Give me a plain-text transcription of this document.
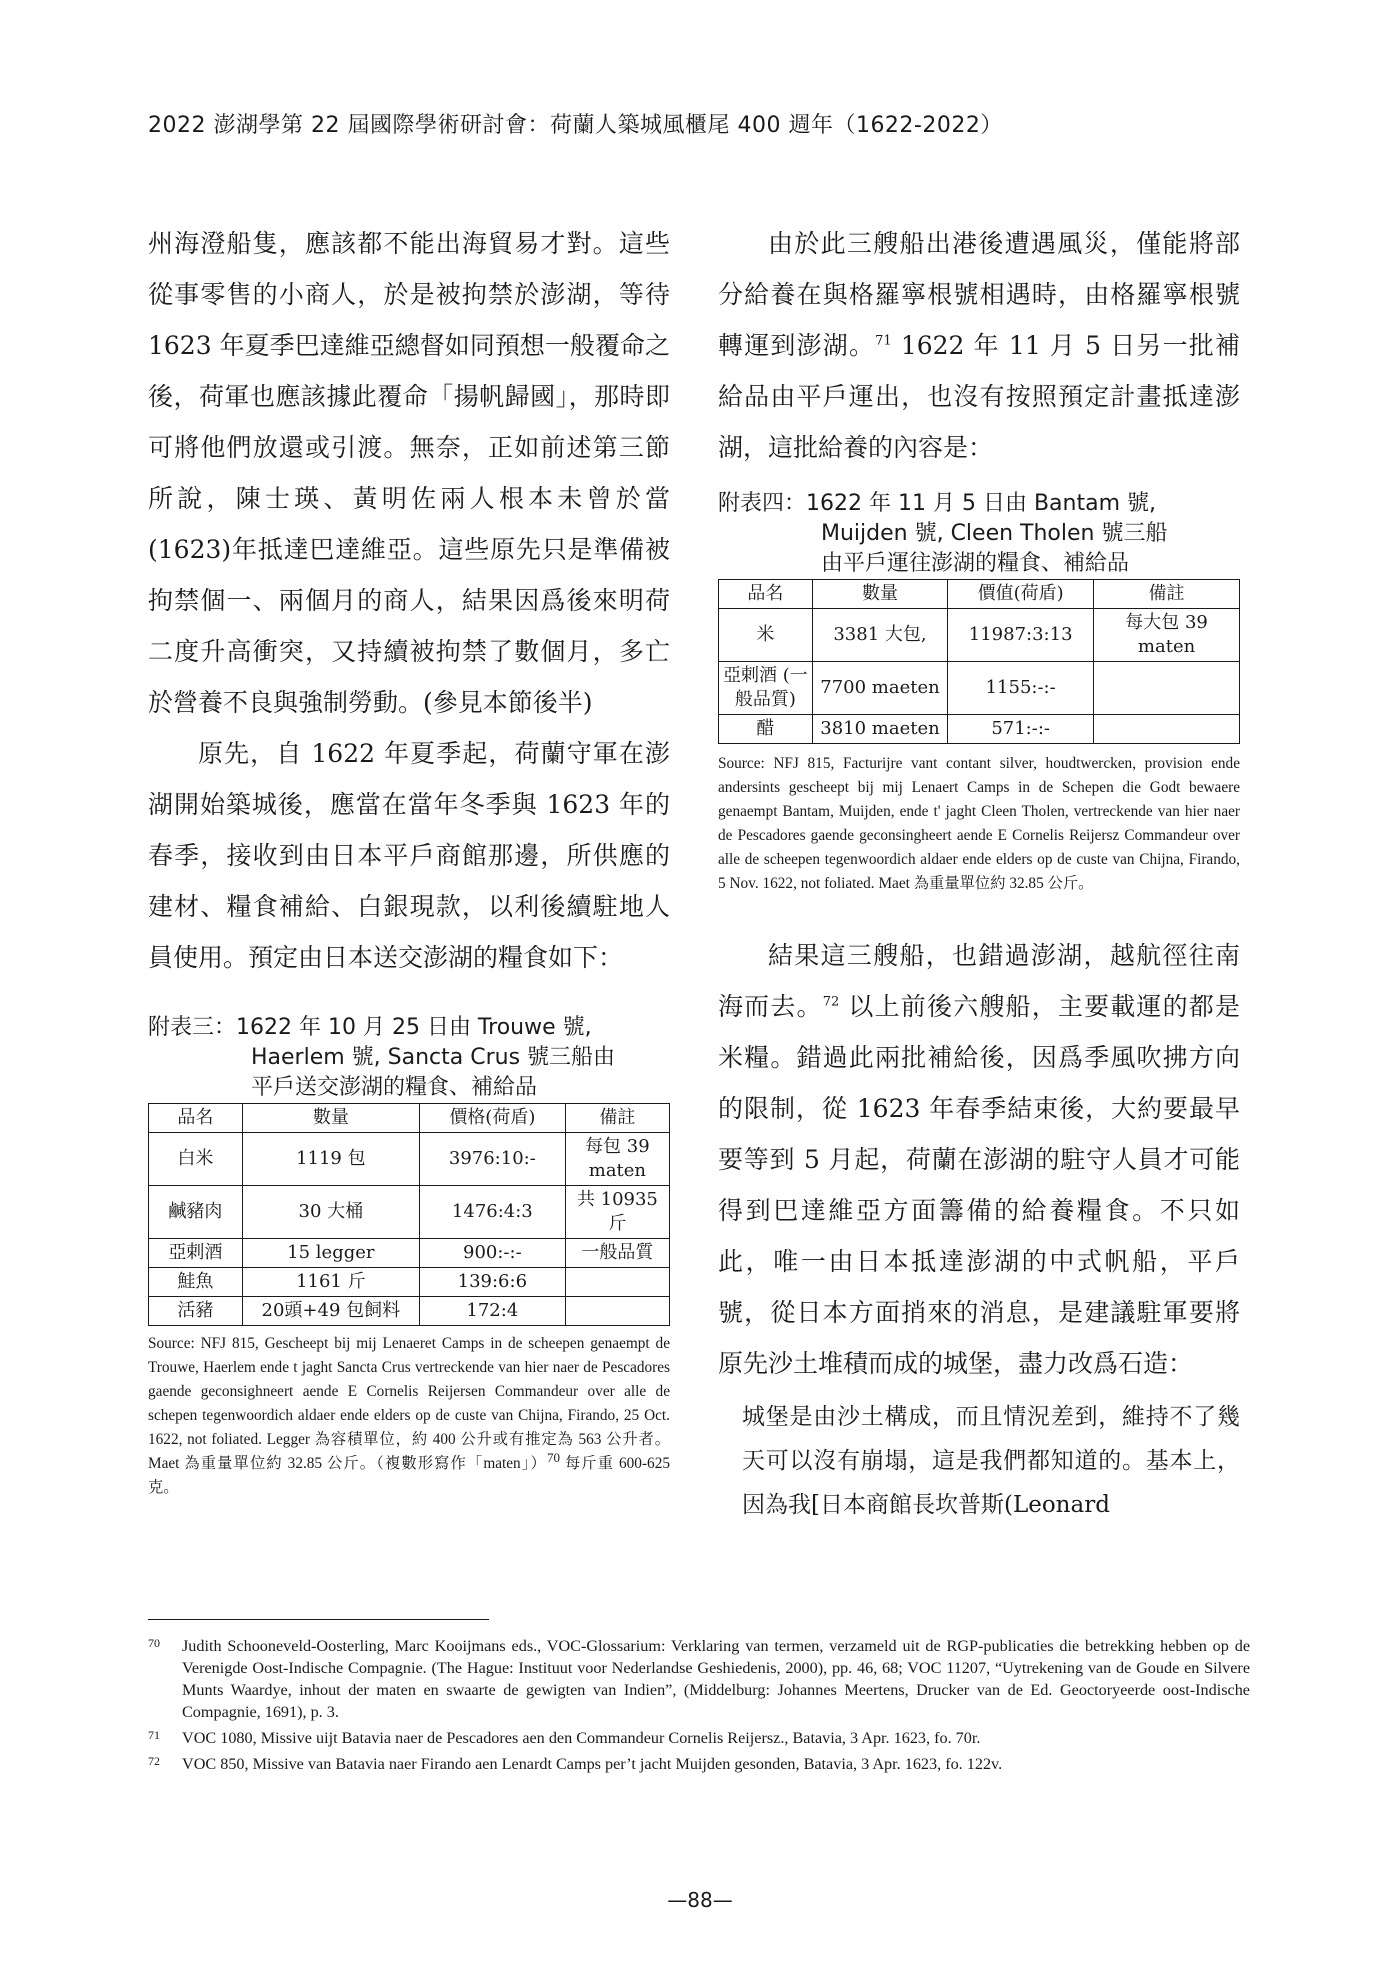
2022 澎湖學第 22 屆國際學術研討會：荷蘭人築城風櫃尾 400 週年（1622-2022）

州海澄船隻，應該都不能出海貿易才對。這些從事零售的小商人，於是被拘禁於澎湖，等待1623 年夏季巴達維亞總督如同預想一般覆命之後，荷軍也應該據此覆命「揚帆歸國」，那時即可將他們放還或引渡。無奈，正如前述第三節所說，陳士瑛、黃明佐兩人根本未曾於當(1623)年抵達巴達維亞。這些原先只是準備被拘禁個一、兩個月的商人，結果因爲後來明荷二度升高衝突，又持續被拘禁了數個月，多亡於營養不良與強制勞動。(參見本節後半)

原先，自 1622 年夏季起，荷蘭守軍在澎湖開始築城後，應當在當年冬季與 1623 年的春季，接收到由日本平戶商館那邊，所供應的建材、糧食補給、白銀現款，以利後續駐地人員使用。預定由日本送交澎湖的糧食如下：

附表三：1622 年 10 月 25 日由 Trouwe 號,
Haerlem 號, Sancta Crus 號三船由
平戶送交澎湖的糧食、補給品

品名	數量	價格(荷盾)	備註
白米	1119 包	3976:10:-	每包 39 maten
鹹豬肉	30 大桶	1476:4:3	共 10935 斤
亞剌酒	15 legger	900:-:-	一般品質
鮭魚	1161 斤	139:6:6	
活豬	20頭+49 包飼料	172:4	

Source: NFJ 815, Gescheept bij mij Lenaeret Camps in de scheepen genaempt de Trouwe, Haerlem ende t jaght Sancta Crus vertreckende van hier naer de Pescadores gaende geconsighneert aende E Cornelis Reijersen Commandeur over alle de schepen tegenwoordich aldaer ende elders op de custe van Chijna, Firando, 25 Oct. 1622, not foliated. Legger 為容積單位，約 400 公升或有推定為 563 公升者。Maet 為重量單位約 32.85 公斤。（複數形寫作「maten」）$^{70}$ 每斤重 600-625 克。

由於此三艘船出港後遭遇風災，僅能將部分給養在與格羅寧根號相遇時，由格羅寧根號轉運到澎湖。$^{71}$ 1622 年 11 月 5 日另一批補給品由平戶運出，也沒有按照預定計畫抵達澎湖，這批給養的內容是：

附表四：1622 年 11 月 5 日由 Bantam 號,
Muijden 號, Cleen Tholen 號三船
由平戶運往澎湖的糧食、補給品

品名	數量	價值(荷盾)	備註
米	3381 大包,	11987:3:13	每大包 39 maten
亞剌酒 (一般品質)	7700 maeten	1155:-:-	
醋	3810 maeten	571:-:-	

Source: NFJ 815, Facturijre vant contant silver, houdtwercken, provision ende andersints gescheept bij mij Lenaert Camps in de Schepen die Godt bewaere genaempt Bantam, Muijden, ende t' jaght Cleen Tholen, vertreckende van hier naer de Pescadores gaende geconsingheert aende E Cornelis Reijersz Commandeur over alle de scheepen tegenwoordich aldaer ende elders op de custe van Chijna, Firando, 5 Nov. 1622, not foliated. Maet 為重量單位約 32.85 公斤。

結果這三艘船，也錯過澎湖，越航徑往南海而去。$^{72}$ 以上前後六艘船，主要載運的都是米糧。錯過此兩批補給後，因爲季風吹拂方向的限制，從 1623 年春季結束後，大約要最早要等到 5 月起，荷蘭在澎湖的駐守人員才可能得到巴達維亞方面籌備的給養糧食。不只如此，唯一由日本抵達澎湖的中式帆船，平戶號，從日本方面捎來的消息，是建議駐軍要將原先沙土堆積而成的城堡，盡力改爲石造：

城堡是由沙土構成，而且情況差到，維持不了幾天可以沒有崩塌，這是我們都知道的。基本上，因為我[日本商館長坎普斯(Leonard

70 Judith Schooneveld-Oosterling, Marc Kooijmans eds., VOC-Glossarium: Verklaring van termen, verzameld uit de RGP-publicaties die betrekking hebben op de Verenigde Oost-Indische Compagnie. (The Hague: Instituut voor Nederlandse Geshiedenis, 2000), pp. 46, 68; VOC 11207, “Uytrekening van de Goude en Silvere Munts Waardye, inhout der maten en swaarte de gewigten van Indien”, (Middelburg: Johannes Meertens, Drucker van de Ed. Geoctoryeerde oost-Indische Compagnie, 1691), p. 3.

71 VOC 1080, Missive uijt Batavia naer de Pescadores aen den Commandeur Cornelis Reijersz., Batavia, 3 Apr. 1623, fo. 70r.

72 VOC 850, Missive van Batavia naer Firando aen Lenardt Camps per’t jacht Muijden gesonden, Batavia, 3 Apr. 1623, fo. 122v.

—88—
